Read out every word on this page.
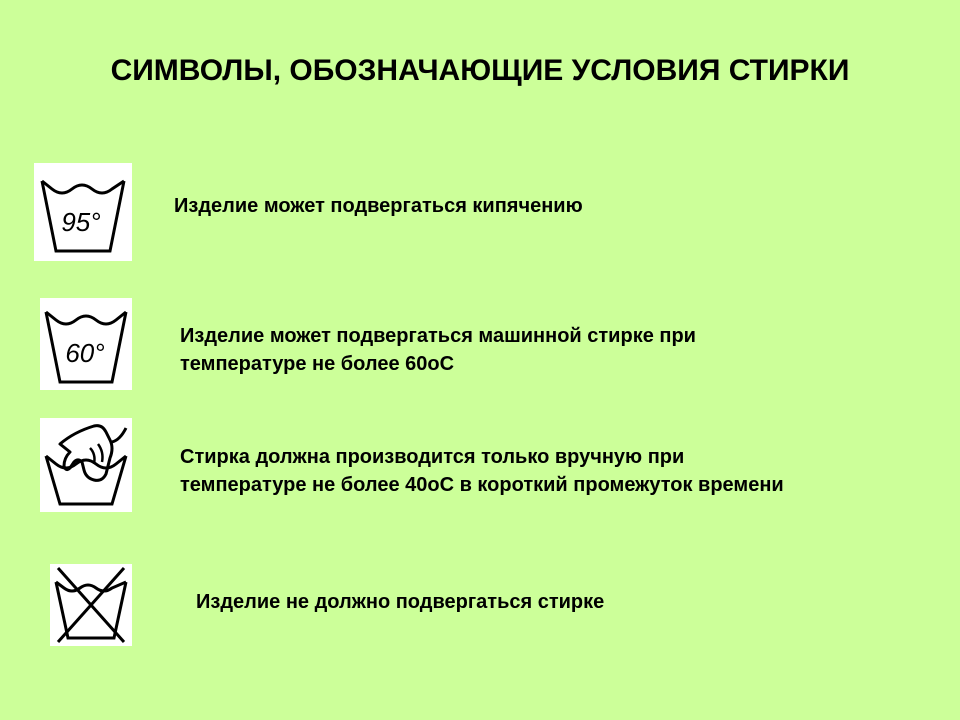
СИМВОЛЫ, ОБОЗНАЧАЮЩИЕ УСЛОВИЯ СТИРКИ
95°

Изделие может подвергаться кипячению

60°

Изделие может подвергаться машинной стирке при
температуре не более 60оС

Стирка должна производится только вручную при
температуре не более 40оС в короткий промежуток времени

Изделие не должно подвергаться стирке
